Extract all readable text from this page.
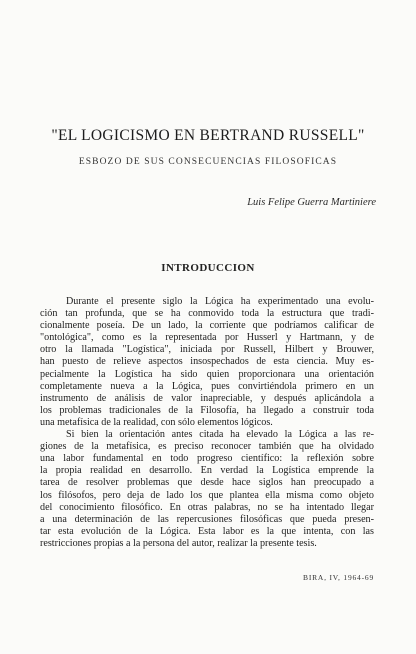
"EL LOGICISMO EN BERTRAND RUSSELL"
ESBOZO DE SUS CONSECUENCIAS FILOSOFICAS
Luis Felipe Guerra Martiniere
INTRODUCCION
Durante el presente siglo la Lógica ha experimentado una evolu-
ción tan profunda, que se ha conmovido toda la estructura que tradi-
cionalmente poseía. De un lado, la corriente que podríamos calificar de
"ontológica", como es la representada por Husserl y Hartmann, y de
otro la llamada "Logística", iniciada por Russell, Hilbert y Brouwer,
han puesto de relieve aspectos insospechados de esta ciencia. Muy es-
pecialmente la Logística ha sido quien proporcionara una orientación
completamente nueva a la Lógica, pues convirtiéndola primero en un
instrumento de análisis de valor inapreciable, y después aplicándola a
los problemas tradicionales de la Filosofía, ha llegado a construir toda
una metafísica de la realidad, con sólo elementos lógicos.
Si bien la orientación antes citada ha elevado la Lógica a las re-
giones de la metafísica, es preciso reconocer también que ha olvidado
una labor fundamental en todo progreso científico: la reflexión sobre
la propia realidad en desarrollo. En verdad la Logística emprende la
tarea de resolver problemas que desde hace siglos han preocupado a
los filósofos, pero deja de lado los que plantea ella misma como objeto
del conocimiento filosófico. En otras palabras, no se ha intentado llegar
a una determinación de las repercusiones filosóficas que pueda presen-
tar esta evolución de la Lógica. Esta labor es la que intenta, con las
restricciones propias a la persona del autor, realizar la presente tesis.
BIRA, IV, 1964-69
